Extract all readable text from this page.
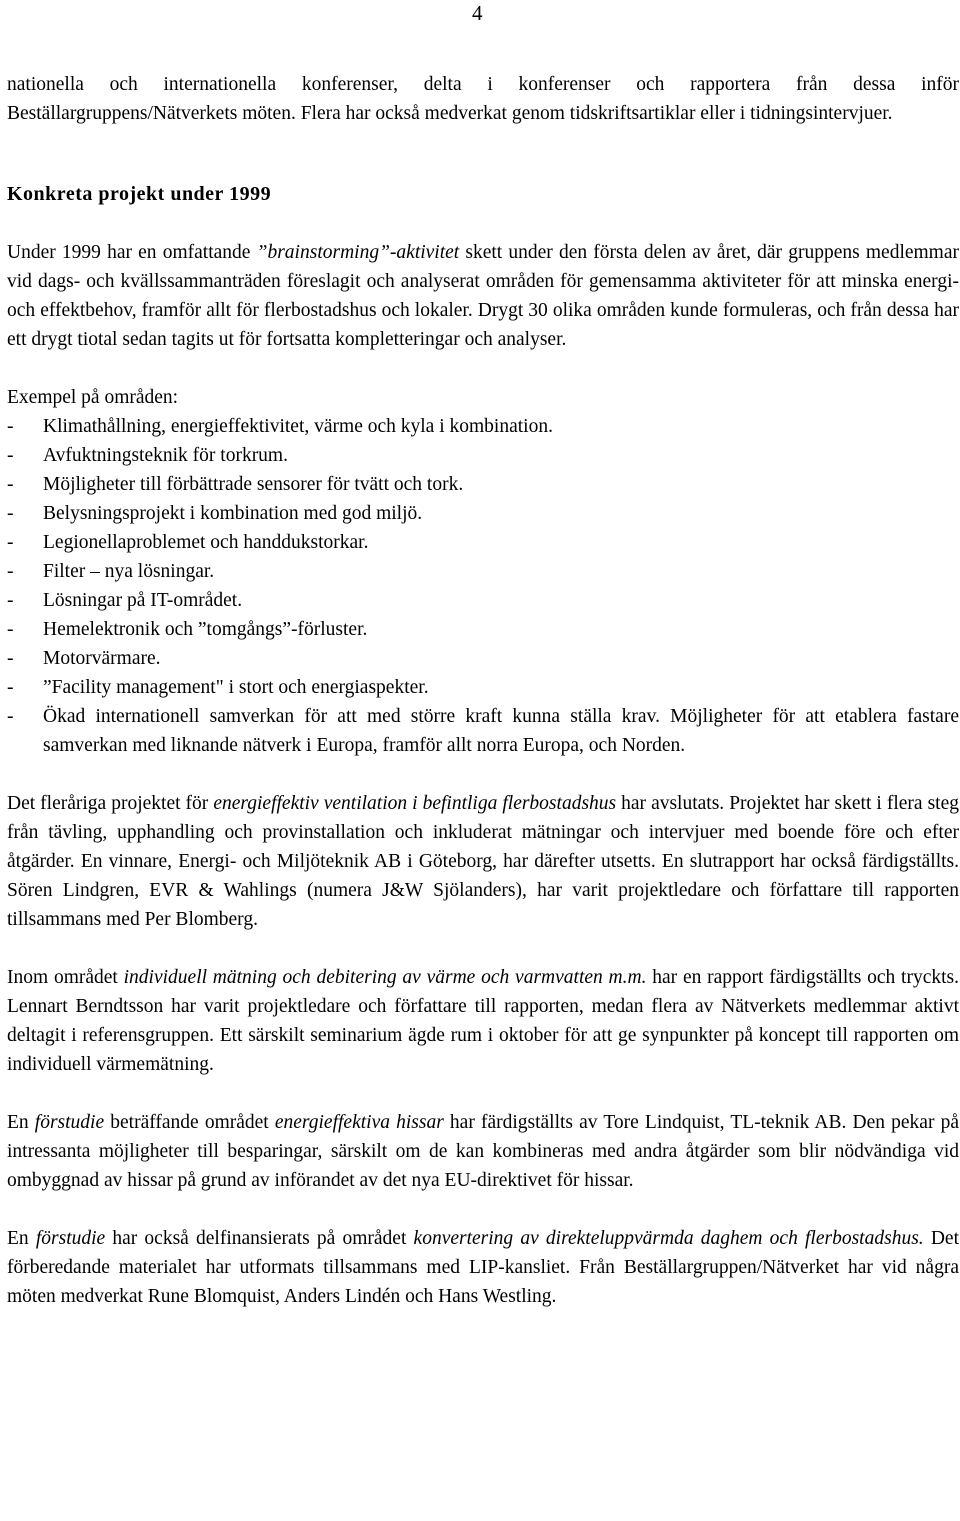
4

nationella och internationella konferenser, delta i konferenser och rapportera från dessa inför Beställargruppens/Nätverkets möten. Flera har också medverkat genom tidskriftsartiklar eller i tidningsintervjuer.

Konkreta projekt under 1999

Under 1999 har en omfattande ”brainstorming”-aktivitet skett under den första delen av året, där gruppens medlemmar vid dags- och kvällssammanträden föreslagit och analyserat områden för gemensamma aktiviteter för att minska energi- och effektbehov, framför allt för flerbostadshus och lokaler. Drygt 30 olika områden kunde formuleras, och från dessa har ett drygt tiotal sedan tagits ut för fortsatta kompletteringar och analyser.

Exempel på områden:

- Klimathållning, energieffektivitet, värme och kyla i kombination.
- Avfuktningsteknik för torkrum.
- Möjligheter till förbättrade sensorer för tvätt och tork.
- Belysningsprojekt i kombination med god miljö.
- Legionellaproblemet och handdukstorkar.
- Filter – nya lösningar.
- Lösningar på IT-området.
- Hemelektronik och ”tomgångs”-förluster.
- Motorvärmare.
- ”Facility management" i stort och energiaspekter.
- Ökad internationell samverkan för att med större kraft kunna ställa krav. Möjligheter för att etablera fastare samverkan med liknande nätverk i Europa, framför allt norra Europa, och Norden.

Det fleråriga projektet för energieffektiv ventilation i befintliga flerbostadshus har avslutats. Projektet har skett i flera steg från tävling, upphandling och provinstallation och inkluderat mätningar och intervjuer med boende före och efter åtgärder. En vinnare, Energi- och Miljöteknik AB i Göteborg, har därefter utsetts. En slutrapport har också färdigställts. Sören Lindgren, EVR & Wahlings (numera J&W Sjölanders), har varit projektledare och författare till rapporten tillsammans med Per Blomberg.

Inom området individuell mätning och debitering av värme och varmvatten m.m. har en rapport färdigställts och tryckts. Lennart Berndtsson har varit projektledare och författare till rapporten, medan flera av Nätverkets medlemmar aktivt deltagit i referensgruppen. Ett särskilt seminarium ägde rum i oktober för att ge synpunkter på koncept till rapporten om individuell värmemätning.

En förstudie beträffande området energieffektiva hissar har färdigställts av Tore Lindquist, TL-teknik AB. Den pekar på intressanta möjligheter till besparingar, särskilt om de kan kombineras med andra åtgärder som blir nödvändiga vid ombyggnad av hissar på grund av införandet av det nya EU-direktivet för hissar.

En förstudie har också delfinansierats på området konvertering av direkteluppvärmda daghem och flerbostadshus. Det förberedande materialet har utformats tillsammans med LIP-kansliet. Från Beställargruppen/Nätverket har vid några möten medverkat Rune Blomquist, Anders Lindén och Hans Westling.
